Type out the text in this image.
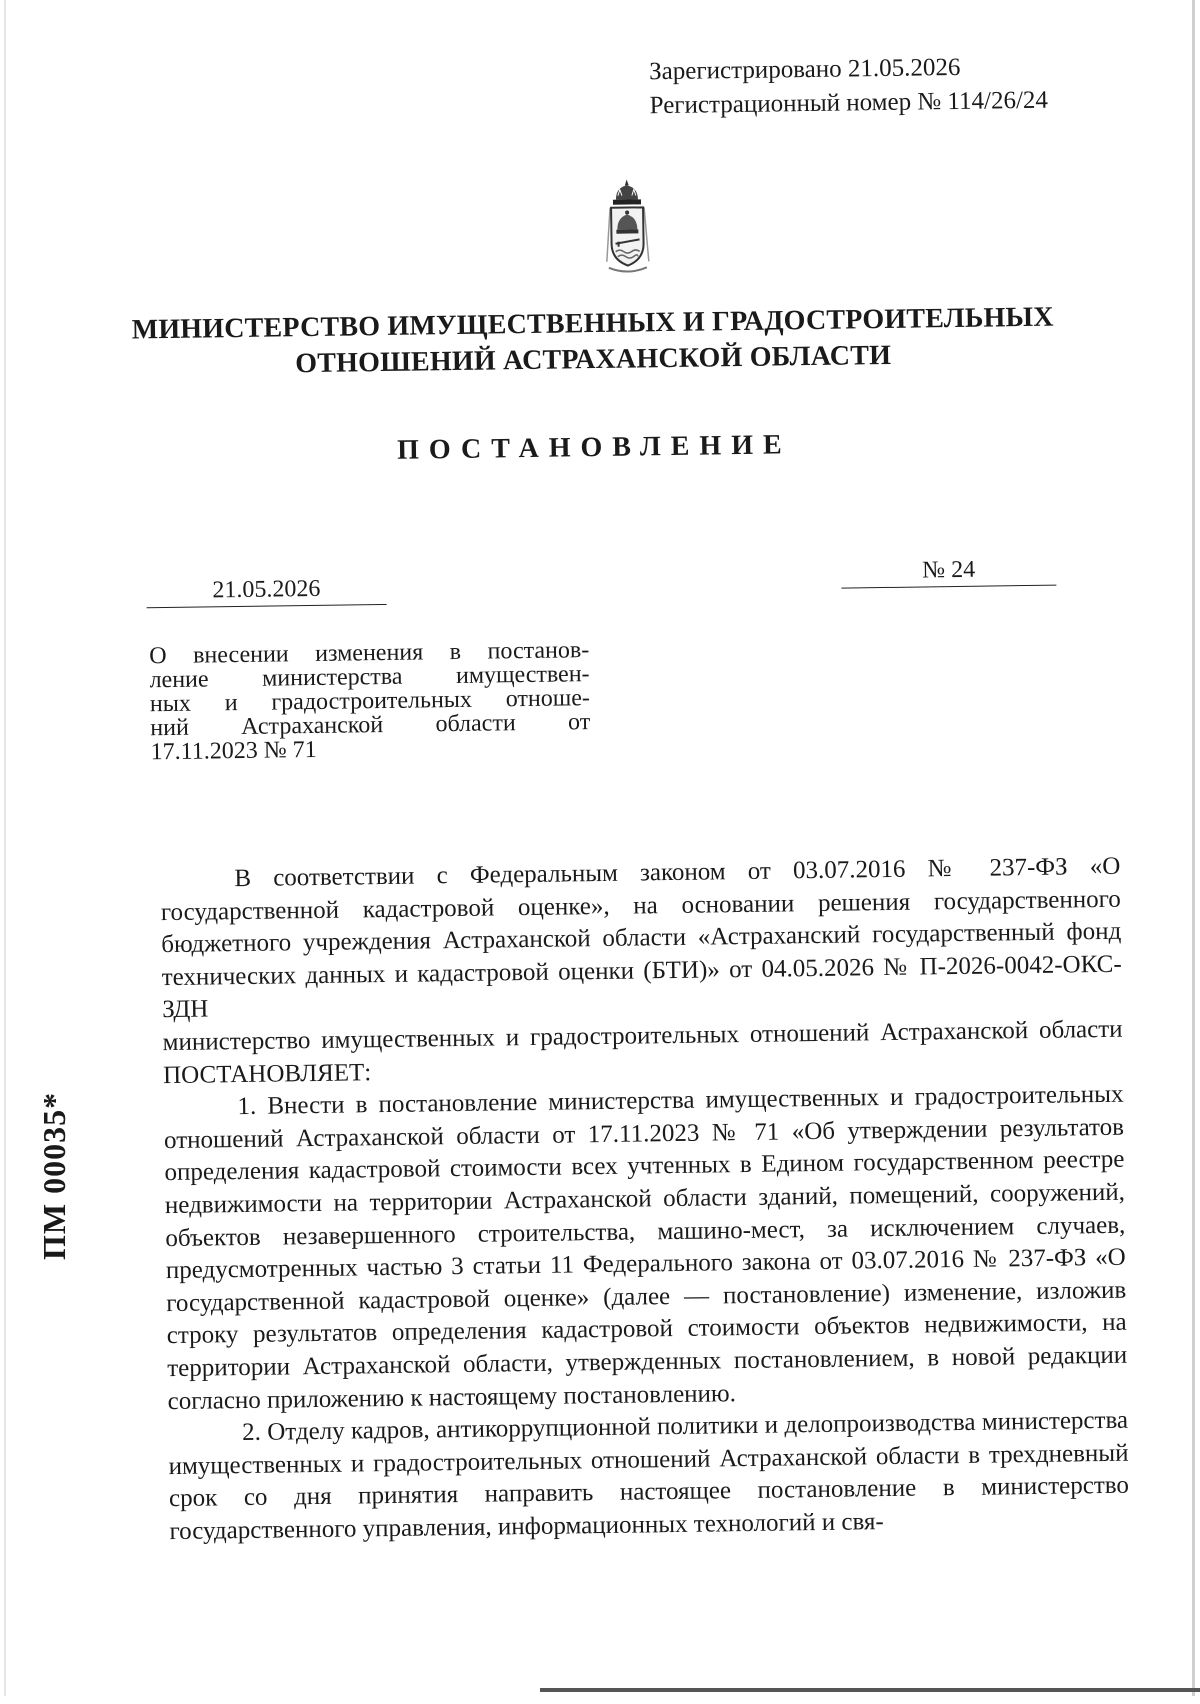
Зарегистрировано 21.05.2026
Регистрационный номер № 114/26/24
МИНИСТЕРСТВО ИМУЩЕСТВЕННЫХ И ГРАДОСТРОИТЕЛЬНЫХ
ОТНОШЕНИЙ АСТРАХАНСКОЙ ОБЛАСТИ
ПОСТАНОВЛЕНИЕ
21.05.2026
№ 24
О внесении изменения в постанов-
ление министерства имуществен-
ных и градостроительных отноше-
ний Астраханской области от
17.11.2023 № 71

В соответствии с Федеральным законом от 03.07.2016 № 237-ФЗ «О государственной кадастровой оценке», на основании решения государственного бюджетного учреждения Астраханской области «Астраханский государственный фонд технических данных и кадастровой оценки (БТИ)» от 04.05.2026 № П-2026-0042-ОКС-ЗДН

министерство имущественных и градостроительных отношений Астраханской области ПОСТАНОВЛЯЕТ:

1. Внести в постановление министерства имущественных и градостроительных отношений Астраханской области от 17.11.2023 № 71 «Об утверждении результатов определения кадастровой стоимости всех учтенных в Едином государственном реестре недвижимости на территории Астраханской области зданий, помещений, сооружений, объектов незавершенного строительства, машино-мест, за исключением случаев, предусмотренных частью 3 статьи 11 Федерального закона от 03.07.2016 № 237-ФЗ «О государственной кадастровой оценке» (далее — постановление) изменение, изложив строку результатов определения кадастровой стоимости объектов недвижимости, на территории Астраханской области, утвержденных постановлением, в новой редакции согласно приложению к настоящему постановлению.

2. Отделу кадров, антикоррупционной политики и делопроизводства министерства имущественных и градостроительных отношений Астраханской области в трехдневный срок со дня принятия направить настоящее постановление в министерство государственного управления, информационных технологий и свя-

ПМ 00035*
